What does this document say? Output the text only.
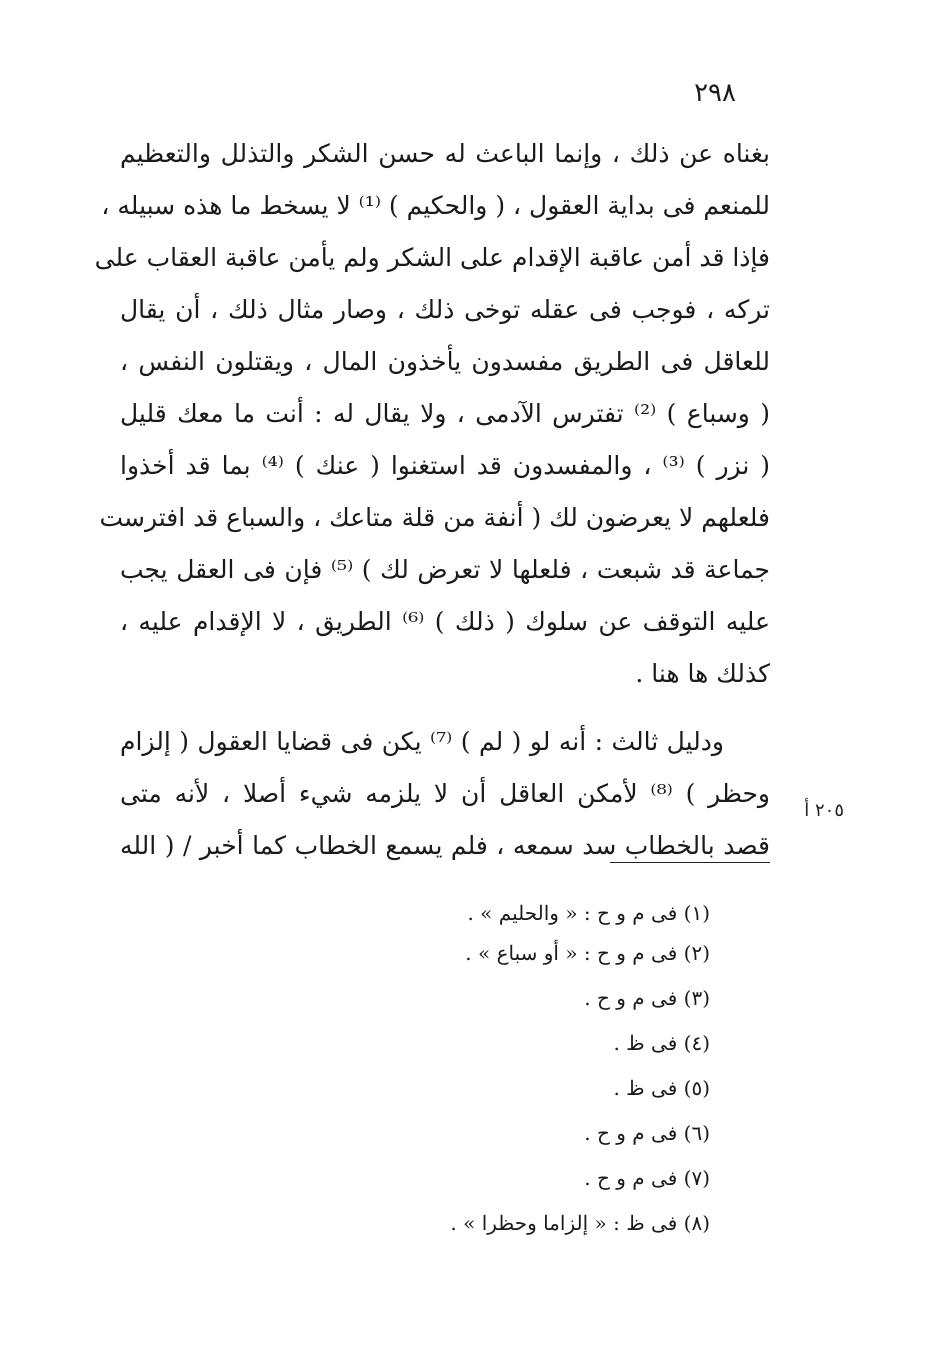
٢٩٨
بغناه عن ذلك ، وإنما الباعث له حسن الشكر والتذلل والتعظيم
للمنعم فى بداية العقول ، ( والحكيم ) ⁽¹⁾ لا يسخط ما هذه سبيله ،
فإذا قد أمن عاقبة الإقدام على الشكر ولم يأمن عاقبة العقاب على
تركه ، فوجب فى عقله توخى ذلك ، وصار مثال ذلك ، أن يقال
للعاقل فى الطريق مفسدون يأخذون المال ، ويقتلون النفس ،
( وسباع ) ⁽²⁾ تفترس الآدمى ، ولا يقال له : أنت ما معك قليل
( نزر ) ⁽³⁾ ، والمفسدون قد استغنوا ( عنك ) ⁽⁴⁾ بما قد أخذوا
فلعلهم لا يعرضون لك ( أنفة من قلة متاعك ، والسباع قد افترست
جماعة قد شبعت ، فلعلها لا تعرض لك ) ⁽⁵⁾ فإن فى العقل يجب
عليه التوقف عن سلوك ( ذلك ) ⁽⁶⁾ الطريق ، لا الإقدام عليه ،
كذلك ها هنا .
ودليل ثالث : أنه لو ( لم ) ⁽⁷⁾ يكن فى قضايا العقول ( إلزام
وحظر ) ⁽⁸⁾ لأمكن العاقل أن لا يلزمه شيء أصلا ، لأنه متى
قصد بالخطاب سد سمعه ، فلم يسمع الخطاب كما أخبر / ( الله
٢٠٥ أ
(١) فى م و ح : « والحليم » .
(٢) فى م و ح : « أو سباع » .
(٣) فى م و ح .
(٤) فى ظ .
(٥) فى ظ .
(٦) فى م و ح .
(٧) فى م و ح .
(٨) فى ظ : « إلزاما وحظرا » .
